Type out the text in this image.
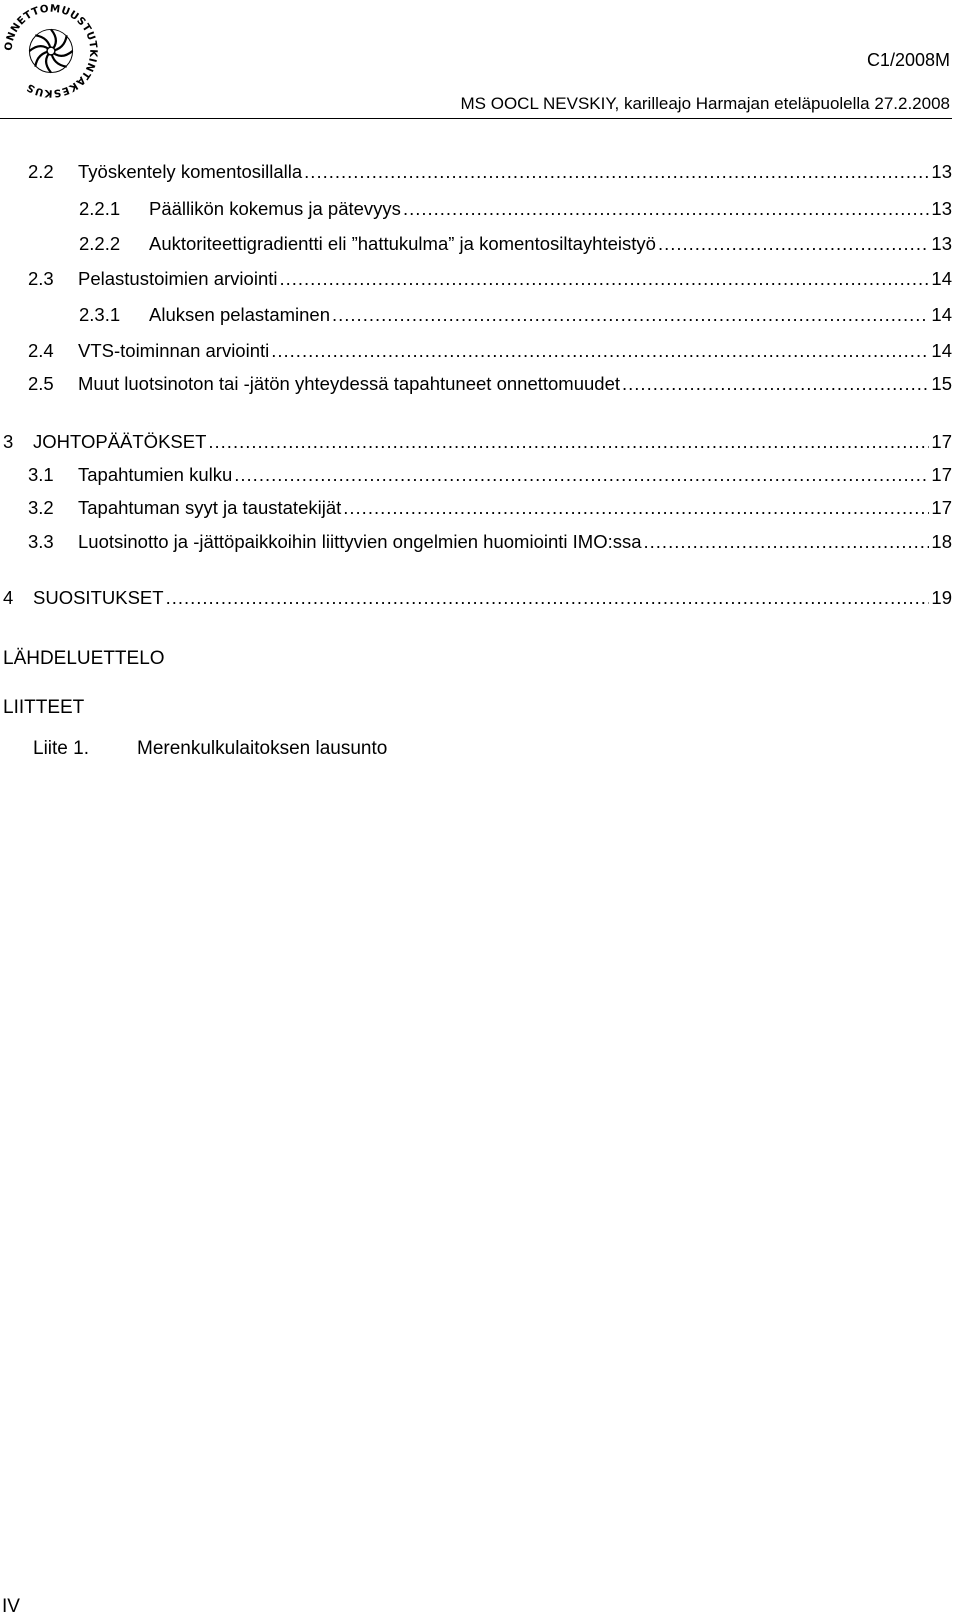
ONNETTOMUUSTUTKINTAKESKUS
C1/2008M
MS OOCL NEVSKIY, karilleajo Harmajan eteläpuolella 27.2.2008
2.2	Työskentely komentosillalla .....	13
2.2.1	Päällikön kokemus ja pätevyys .....	13
2.2.2	Auktoriteettigradientti eli ”hattukulma” ja komentosiltayhteistyö .....	13
2.3	Pelastustoimien arviointi .....	14
2.3.1	Aluksen pelastaminen .....	14
2.4	VTS-toiminnan arviointi .....	14
2.5	Muut luotsinoton tai -jätön yhteydessä tapahtuneet onnettomuudet .....	15
3	JOHTOPÄÄTÖKSET .....	17
3.1	Tapahtumien kulku .....	17
3.2	Tapahtuman syyt ja taustatekijät .....	17
3.3	Luotsinotto ja -jättöpaikkoihin liittyvien ongelmien huomiointi IMO:ssa .....	18
4	SUOSITUKSET .....	19
LÄHDELUETTELO
LIITTEET
Liite 1.	Merenkulkulaitoksen lausunto
IV
